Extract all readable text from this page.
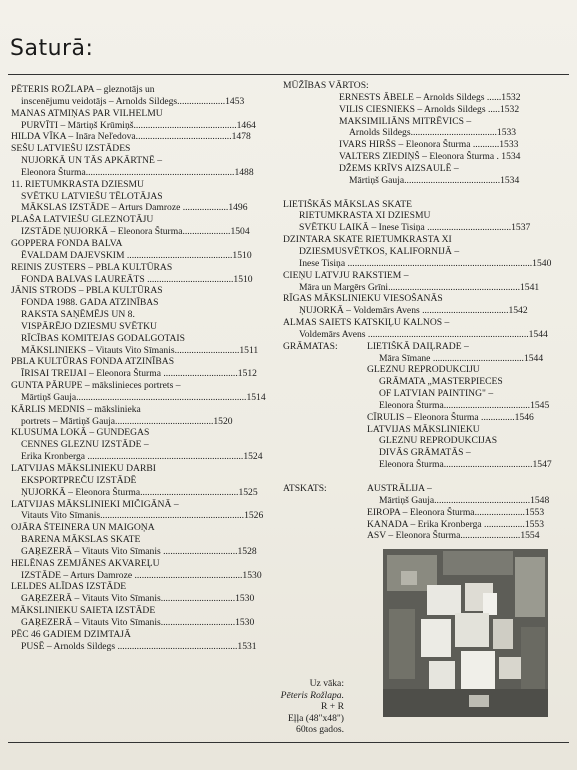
Saturā:
PĒTERIS ROŽLAPA – gleznotājs un
inscenējumu veidotājs – Arnolds Sildegs....................1453
MANAS ATMIŅAS PAR VILHELMU
PURVĪTI – Mārtiņš Krūmiņš...........................................1464
HILDA VĪKA – Ināra Neľedova........................................1478
SEŠU LATVIEŠU IZSTĀDES
NUJORKĀ UN TĀS APKĀRTNĒ –
Eleonora Šturma..............................................................1488
11. RIETUMKRASTA DZIESMU
SVĒTKU LATVIEŠU TĒLOTĀJAS
MĀKSLAS IZSTĀDE – Arturs Damroze ...................1496
PLAŠA LATVIEŠU GLEZNOTĀJU
IZSTĀDE ŅUJORKĀ – Eleonora Šturma....................1504
GOPPERA FONDA BALVA
ĒVALDAM DAJEVSKIM ............................................1510
REINIS ZUSTERS – PBLA KULTŪRAS
FONDA BALVAS LAUREĀTS ....................................1510
JĀNIS STRODS – PBLA KULTŪRAS
FONDA 1988. GADA ATZINĪBAS
RAKSTA SAŅĒMĒJS UN 8.
VISPĀRĒJO DZIESMU SVĒTKU
RĪCĪBAS KOMITEJAS GODALGOTAIS
MĀKSLINIEKS – Vitauts Vito Sīmanis...........................1511
PBLA KULTŪRAS FONDA ATZINĪBAS
ĪRISAI TREIJAI – Eleonora Šturma ...............................1512
GUNTA PĀRUPE – mākslinieces portrets –
Mārtiņš Gauja.......................................................................1514
KĀRLIS MEDNIS – mākslinieka
portrets – Mārtiņš Gauja.........................................1520
KLUSUMA LOKĀ – GUNDEGAS
CENNES GLEZNU IZSTĀDE –
Erika Kronberga .................................................................1524
LATVIJAS MĀKSLINIEKU DARBI
EKSPORTPREČU IZSTĀDĒ
ŅUJORKĀ – Eleonora Šturma.........................................1525
LATVIJAS MĀKSLINIEKI MIČIGĀNĀ –
Vitauts Vito Sīmanis............................................................1526
OJĀRA ŠTEINERA UN MAIGOŅA
BARENA MĀKSLAS SKATE
GAŖEZERĀ – Vitauts Vito Sīmanis ...............................1528
HELĒNAS ZEMJĀNES AKVAREĻU
IZSTĀDE – Arturs Damroze .............................................1530
LELDES ALĪDAS IZSTĀDE
GAŖEZERĀ – Vitauts Vito Sīmanis...............................1530
MĀKSLINIEKU SAIETA IZSTĀDE
GAŖEZERĀ – Vitauts Vito Sīmanis...............................1530
PĒC 46 GADIEM DZIMTAJĀ
PUSĒ – Arnolds Sildegs ..................................................1531
MŪŽĪBAS VĀRTOS:
ERNESTS ĀBELE – Arnolds Sildegs ......1532
VILIS CIESNIEKS – Arnolds Sildegs .....1532
MAKSIMILIĀNS MITRĒVICS –
Arnolds Sildegs....................................1533
IVARS HIRŠS – Eleonora Šturma ...........1533
VALTERS ZIEDIŅŠ – Eleonora Šturma . 1534
DŽEMS KRĪVS AIZSAULĒ –
Mārtiņš Gauja........................................1534
LIETIŠKĀS MĀKSLAS SKATE
RIETUMKRASTA XI DZIESMU
SVĒTKU LAIKĀ – Inese Tisiņa ...................................1537
DZINTARA SKATE RIETUMKRASTA XI
DZIESMUSVĒTKOS, KALIFORNIJĀ –
Inese Tisiņa .............................................................................1540
CIEŅU LATVJU RAKSTIEM –
Māra un Margērs Grīni.......................................................1541
RĪGAS MĀKSLINIEKU VIESOŠANĀS
ŅUJORKĀ – Voldemārs Avens ....................................1542
ALMAS SAIETS KATSKIĻU KALNOS –
Voldemārs Avens ...................................................................1544
GRĀMATAS:	LIETIŠKĀ DAIĻRADE –
Māra Sīmane ......................................1544
GLEZNU REPRODUKCIJU
GRĀMATA „MASTERPIECES
OF LATVIAN PAINTING" –
Eleonora Šturma....................................1545
CĪRULIS – Eleonora Šturma ..............1546
LATVIJAS MĀKSLINIEKU
GLEZNU REPRODUKCIJAS
DIVĀS GRĀMATĀS –
Eleonora Šturma.....................................1547
ATSKATS:	AUSTRĀLIJA –
Mārtiņš Gauja........................................1548
EIROPA – Eleonora Šturma.....................1553
KANADA – Erika Kronberga .................1553
ASV – Eleonora Šturma.........................1554
Uz vāka:
Pēteris Rožlapa.
R + R
Eļļa (48"x48")
60tos gados.
